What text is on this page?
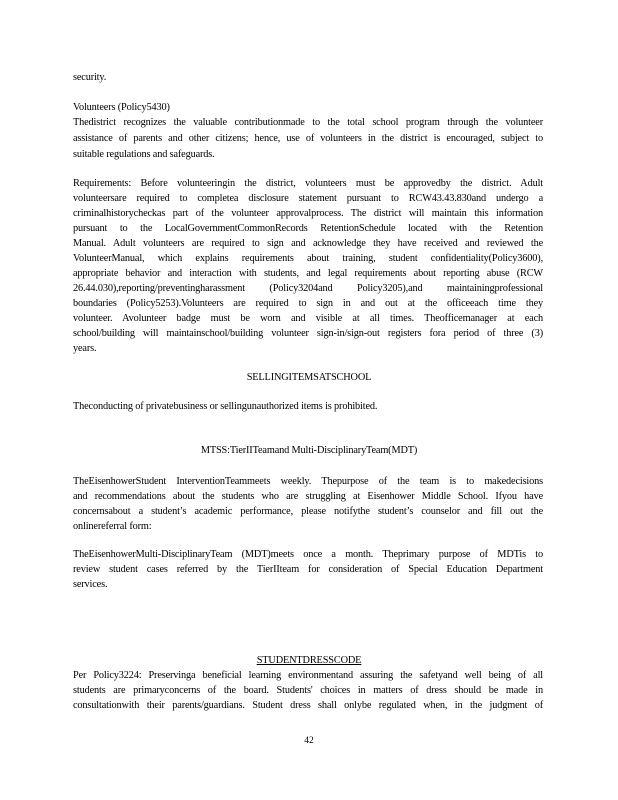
security.
Volunteers (Policy5430)
Thedistrict recognizes the valuable contributionmade to the total school program through the volunteer
assistance of parents and other citizens; hence, use of volunteers in the district is encouraged, subject to
suitable regulations and safeguards.
Requirements: Before volunteeringin the district, volunteers must be approvedby the district. Adult
volunteersare required to completea disclosure statement pursuant to RCW43.43.830and undergo a
criminalhistorycheckas part of the volunteer approvalprocess. The district will maintain this information
pursuant to the LocalGovernmentCommonRecords RetentionSchedule located with the Retention
Manual. Adult volunteers are required to sign and acknowledge they have received and reviewed the
VolunteerManual, which explains requirements about training, student confidentiality(Policy3600),
appropriate behavior and interaction with students, and legal requirements about reporting abuse (RCW
26.44.030),reporting/preventingharassment (Policy3204and Policy3205),and maintainingprofessional
boundaries (Policy5253).Volunteers are required to sign in and out at the officeeach time they
volunteer. Avolunteer badge must be worn and visible at all times. Theofficemanager at each
school/building will maintainschool/building volunteer sign-in/sign-out registers fora period of three (3)
years.
SELLINGITEMSATSCHOOL
Theconducting of privatebusiness or sellingunauthorized items is prohibited.
MTSS:TierIITeamand Multi-DisciplinaryTeam(MDT)
TheEisenhowerStudent InterventionTeammeets weekly. Thepurpose of the team is to makedecisions
and recommendations about the students who are struggling at Eisenhower Middle School. Ifyou have
concernsabout a student’s academic performance, please notifythe student’s counselor and fill out the
onlinereferral form:
TheEisenhowerMulti-DisciplinaryTeam (MDT)meets once a month. Theprimary purpose of MDTis to
review student cases referred by the TierIIteam for consideration of Special Education Department
services.
STUDENTDRESSCODE
Per Policy3224: Preservinga beneficial learning environmentand assuring the safetyand well being of all
students are primaryconcerns of the board. Students' choices in matters of dress should be made in
consultationwith their parents/guardians. Student dress shall onlybe regulated when, in the judgment of
42
